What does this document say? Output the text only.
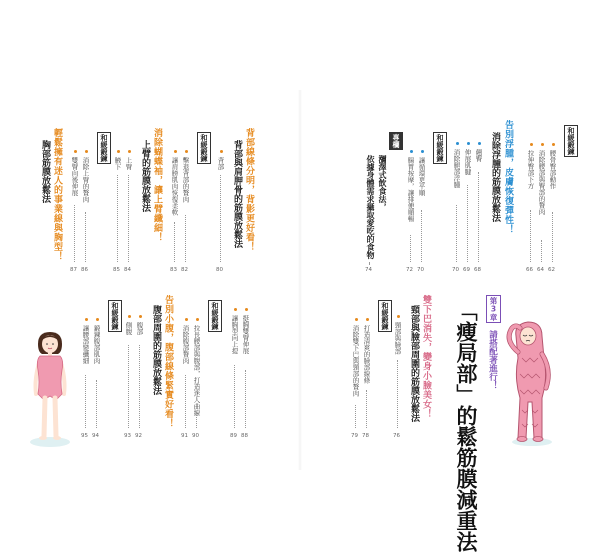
和緩鍛鍊
腰骨臀部動作
62
消除腰部與臀部的贅肉
64
拉伸臀部下方
66
告別浮腫，皮膚恢復彈性！
消除浮腫的筋膜放鬆法
翹臀
68
伸展肌腱
69
消除腿部浮腫
70
和緩鍛鍊
讓循環更平順
70
腸胃按摩，讓排便順暢
72
專欄
瀰澤式飲食法，
依據身體需求攝取愛吃的食物
74
背部線條分明，背影更好看！
背部與肩胛骨的筋膜放鬆法
背部
80
和緩鍛鍊
擊退背部的贅肉
82
讓肩膀肌肉恢復柔軟
83
消除蝴蝶袖，讓上臂纖細！
上臂的筋膜放鬆法
上臂
84
腋下
85
和緩鍛鍊
消除上臂的贅肉
86
雙臂向後伸展
87
輕鬆擁有迷人的事業線與胸型！
胸部筋膜放鬆法
第3章
請搭配著進行！
「瘦局部」的鬆筋膜減重法
雙下巴消失，變身小臉美女！
頸部與臉部周圍的筋膜放鬆法
頸部與臉部
76
和緩鍛鍊
打造清爽的臉部線條
78
消除雙下巴與頸部的贅肉
79
挺胸雙臂伸展
88
讓胸型向上提
89
和緩鍛鍊
拉長腰部與腹部，打造迷人曲線
90
消除腹部贅肉
91
告別小腹，腹部線條緊實好看！
腹部周圍的筋膜放鬆法
腹部
92
側腹
93
和緩鍛鍊
鍛鍊腹部肌肉
94
讓腰部變纖細
95
